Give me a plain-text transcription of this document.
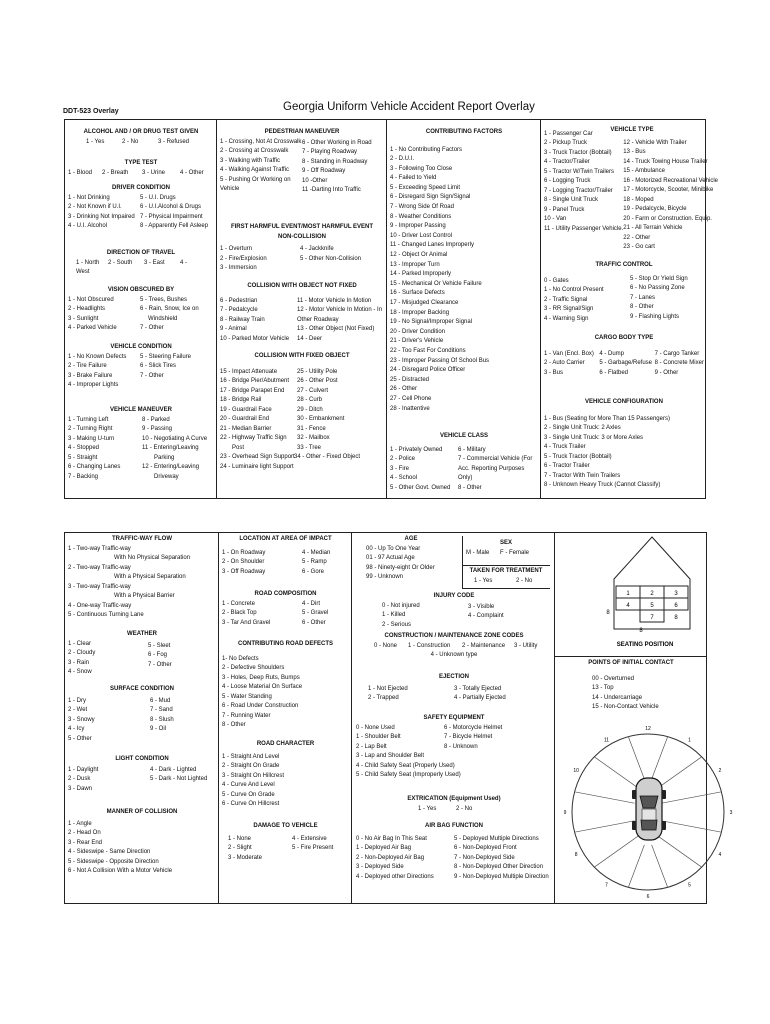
DDT-523 Overlay	Georgia Uniform Vehicle Accident Report Overlay
ALCOHOL AND / OR DRUG TEST GIVEN
1 - Yes	2 - No	3 - Refused
TYPE TEST
1 - Blood	2 - Breath	3 - Urine	4 - Other
DRIVER CONDITION
1 - Not Drinking
2 - Not Known if U.I.
3 - Drinking Not Impaired
4 - U.I. Alcohol
5 - U.I. Drugs
6 - U.I.Alcohol & Drugs
7 - Physical Impairment
8 - Apparently Fell Asleep
DIRECTION OF TRAVEL
1 - North	2 - South	3 - East	4 -
West
VISION OBSCURED BY
1 - Not Obscured
2 - Headlights
3 - Sunlight
4 - Parked Vehicle
5 - Trees, Bushes
6 - Rain, Snow, Ice on
Windshield
7 - Other
VEHICLE CONDITION
1 - No Known Defects
2 - Tire Failure
3 - Brake Failure
4 - Improper Lights
5 - Steering Failure
6 - Slick Tires
7 - Other
VEHICLE MANEUVER
1 - Turning Left
2 - Turning Right
3 - Making U-turn
4 - Stopped
5 - Straight
6 - Changing Lanes
7 - Backing
8 - Parked
9 - Passing
10 - Negotiating A Curve
11 - Entering/Leaving
Parking
12 - Entering/Leaving
Driveway
PEDESTRIAN MANEUVER
1 - Crossing, Not At Crosswalk
2 - Crossing at Crosswalk
3 - Walking with Traffic
4 - Walking Against Traffic
5 - Pushing Or Working on
Vehicle
6 - Other Working in Road
7 - Playing Roadway
8 - Standing in Roadway
9 - Off Roadway
10 -Other
11 -Darting Into Traffic
FIRST HARMFUL EVENT/MOST HARMFUL EVENT
NON-COLLISION
1 - Overturn
2 - Fire/Explosion
3 - Immersion
4 - Jackknife
5 - Other Non-Collision
COLLISION WITH OBJECT NOT FIXED
6 - Pedestrian
7 - Pedalcycle
8 - Railway Train
9 - Animal
10 - Parked Motor Vehicle
11 - Motor Vehicle In Motion
12 - Motor Vehicle In Motion - In
Other Roadway
13 - Other Object (Not Fixed)
14 - Deer
COLLISION WITH FIXED OBJECT
15 - Impact Attenuate
16 - Bridge Pier/Abutment
17 - Bridge Parapet End
18 - Bridge Rail
19 - Guardrail Face
20 - Guardrail End
21 - Median Barrier
22 - Highway Traffic Sign
Post
23 - Overhead Sign Support
24 - Luminaire light Support
25 - Utility Pole
26 - Other Post
27 - Culvert
28 - Curb
29 - Ditch
30 - Embankment
31 - Fence
32 - Mailbox
33 - Tree
34 - Other - Fixed Object
CONTRIBUTING FACTORS
1 - No Contributing Factors
2 - D.U.I.
3 - Following Too Close
4 - Failed to Yield
5 - Exceeding Speed Limit
6 - Disregard Sign Sign/Signal
7 - Wrong Side Of Road
8 - Weather Conditions
9 - Improper Passing
10 - Driver Lost Control
11 - Changed Lanes Improperly
12 - Object Or Animal
13 - Improper Turn
14 - Parked Improperly
15 - Mechanical Or Vehicle Failure
16 - Surface Defects
17 - Misjudged Clearance
18 - Improper Backing
19 - No Signal/Improper Signal
20 - Driver Condition
21 - Driver's Vehicle
22 - Too Fast For Conditions
23 - Improper Passing Of School Bus
24 - Disregard Police Officer
25 - Distracted
26 - Other
27 - Cell Phone
28 - Inattentive
VEHICLE CLASS
1 - Privately Owned
2 - Police
3 - Fire
4 - School
5 - Other Govt. Owned
6 - Military
7 - Commercial Vehicle (For
Acc. Reporting Purposes
Only)
8 - Other
VEHICLE TYPE
1 - Passenger Car
2 - Pickup Truck
3 - Truck Tractor (Bobtail)
4 - Tractor/Trailer
5 - Tractor W/Twin Trailers
6 - Logging Truck
7 - Logging Tractor/Trailer
8 - Single Unit Truck
9 - Panel Truck
10 - Van
11 - Utility Passenger Vehicle.
12 - Vehicle With Trailer
13 - Bus
14 - Truck Towing House Trailer
15 - Ambulance
16 - Motorized Recreational Vehicle
17 - Motorcycle, Scooter, Minibike
18 - Moped
19 - Pedalcycle, Bicycle
20 - Farm or Construction. Equip.
21 - All Terrain Vehicle
22 - Other
23 - Go cart
TRAFFIC CONTROL
0 - Gates
1 - No Control Present
2 - Traffic Signal
3 - RR Signal/Sign
4 - Warning Sign
5 - Stop Or Yield Sign
6 - No Passing Zone
7 - Lanes
8 - Other
9 - Flashing Lights
CARGO BODY TYPE
1 - Van (Encl. Box)
2 - Auto Carrier
3 - Bus
4 - Dump
5 - Garbage/Refuse
6 - Flatbed
7 - Cargo Tanker
8 - Concrete Mixer
9 - Other
VEHICLE CONFIGURATION
1 - Bus (Seating for More Than 15 Passengers)
2 - Single Unit Truck: 2 Axles
3 - Single Unit Truck: 3 or More Axles
4 - Truck Trailer
5 - Truck Tractor (Bobtail)
6 - Tractor Trailer
7 - Tractor With Twin Trailers
8 - Unknown Heavy Truck (Cannot Classify)
TRAFFIC-WAY FLOW
1 - Two-way Traffic-way
With No Physical Separation
2 - Two-way Traffic-way
With a Physical Separation
3 - Two-way Traffic-way
With a Physical Barrier
4 - One-way Traffic-way
5 - Continuous Turning Lane
WEATHER
1 - Clear
2 - Cloudy
3 - Rain
4 - Snow
5 - Sleet
6 - Fog
7 - Other
SURFACE CONDITION
1 - Dry
2 - Wet
3 - Snowy
4 - Icy
5 - Other
6 - Mud
7 - Sand
8 - Slush
9 - Oil
LIGHT CONDITION
1 - Daylight
2 - Dusk
3 - Dawn
4 - Dark - Lighted
5 - Dark - Not Lighted
MANNER OF COLLISION
1 - Angle
2 - Head On
3 - Rear End
4 - Sideswipe - Same Direction
5 - Sideswipe - Opposite Direction
6 - Not A Collision With a Motor Vehicle
LOCATION AT AREA OF IMPACT
1 - On Roadway
2 - On Shoulder
3 - Off Roadway
4 - Median
5 - Ramp
6 - Gore
ROAD COMPOSITION
1 - Concrete
2 - Black Top
3 - Tar And Gravel
4 - Dirt
5 - Gravel
6 - Other
CONTRIBUTING ROAD DEFECTS
1- No Defects
2 - Defective Shoulders
3 - Holes, Deep Ruts, Bumps
4 - Loose Material On Surface
5 - Water Standing
6 - Road Under Construction
7 - Running Water
8 - Other
ROAD CHARACTER
1 - Straight And Level
2 - Straight On Grade
3 - Straight On Hillcrest
4 - Curve And Level
5 - Curve On Grade
6 - Curve On Hillcrest
DAMAGE TO VEHICLE
1 - None
2 - Slight
3 - Moderate
4 - Extensive
5 - Fire Present
AGE
00 - Up To One Year
01 - 97 Actual Age
98 - Ninety-eight Or Older
99 - Unknown
SEX
M - Male	F - Female
TAKEN FOR TREATMENT
1 - Yes	2 - No
INJURY CODE
0 - Not injured
1 - Killed
2 - Serious
3 - Visible
4 - Complaint
CONSTRUCTION / MAINTENANCE ZONE CODES
0 - None	1 - Construction	2 - Maintenance	3 - Utility
4 - Unknown type
EJECTION
1 - Not Ejected
2 - Trapped
3 - Totally Ejected
4 - Partially Ejected
SAFETY EQUIPMENT
0 - None Used
1 - Shoulder Belt
2 - Lap Belt
3 - Lap and Shoulder Belt
4 - Child Safety Seat (Properly Used)
5 - Child Safety Seat (Improperly Used)
6 - Motorcycle Helmet
7 - Bicycle Helmet
8 - Unknown
EXTRICATION (Equipment Used)
1 - Yes	2 - No
AIR BAG FUNCTION
0 - No Air Bag In This Seat
1 - Deployed Air Bag
2 - Non-Deployed Air Bag
3 - Deployed Side
4 - Deployed other Directions
5 - Deployed Multiple Directions
6 - Non-Deployed Front
7 - Non-Deployed Side
8 - Non-Deployed Other Direction
9 - Non-Deployed Multiple Direction
1	2	3
4	5	6
7
8
8
8
SEATING POSITION
POINTS OF INITIAL CONTACT
00 - Overturned
13 - Top
14 - Undercarriage
15 - Non-Contact Vehicle
12
1
2
3
4
5
6
7
8
9
10
11
